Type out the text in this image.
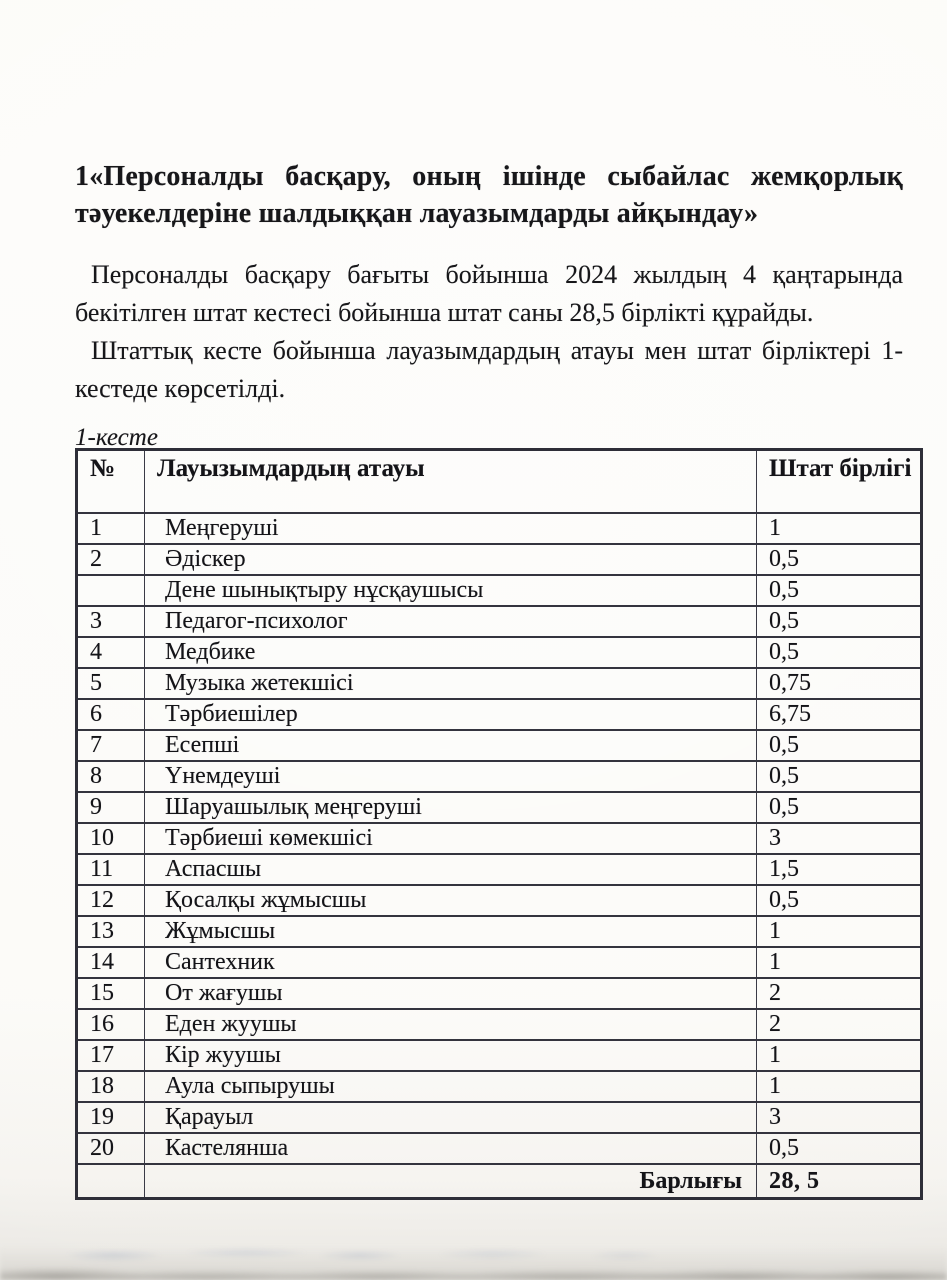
1«Персоналды басқару, оның ішінде сыбайлас жемқорлық тәуекелдеріне шалдыққан лауазымдарды айқындау»

Персоналды басқару бағыты бойынша 2024 жылдың 4 қаңтарында бекітілген штат кестесі бойынша штат саны 28,5 бірлікті құрайды.

Штаттық кесте бойынша лауазымдардың атауы мен штат бірліктері 1-кестеде көрсетілді.

1-кесте
№	Лауызымдардың атауы	Штат бірлігі
1	Меңгеруші	1
2	Әдіскер	0,5
	Дене шынықтыру нұсқаушысы	0,5
3	Педагог-психолог	0,5
4	Медбике	0,5
5	Музыка жетекшісі	0,75
6	Тәрбиешілер	6,75
7	Есепші	0,5
8	Үнемдеуші	0,5
9	Шаруашылық меңгеруші	0,5
10	Тәрбиеші көмекшісі	3
11	Аспасшы	1,5
12	Қосалқы жұмысшы	0,5
13	Жұмысшы	1
14	Сантехник	1
15	От жағушы	2
16	Еден жуушы	2
17	Кір жуушы	1
18	Аула сыпырушы	1
19	Қарауыл	3
20	Кастелянша	0,5
	Барлығы	28, 5
